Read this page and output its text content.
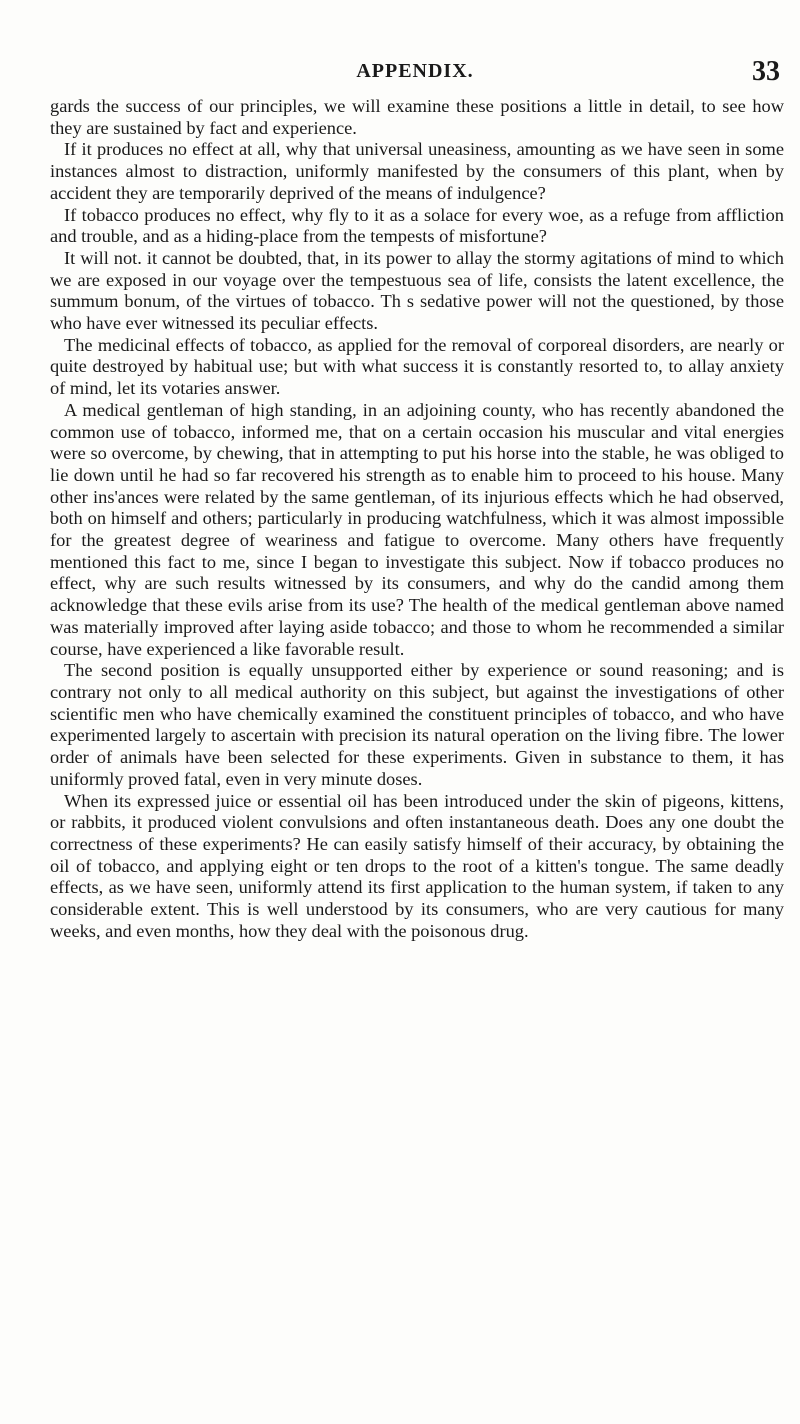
APPENDIX.	33

gards the success of our principles, we will examine these positions a little in detail, to see how they are sustained by fact and experience.

If it produces no effect at all, why that universal uneasiness, amounting as we have seen in some instances almost to distraction, uniformly manifested by the consumers of this plant, when by accident they are temporarily deprived of the means of indulgence?

If tobacco produces no effect, why fly to it as a solace for every woe, as a refuge from affliction and trouble, and as a hiding-place from the tempests of misfortune?

It will not. it cannot be doubted, that, in its power to allay the stormy agitations of mind to which we are exposed in our voyage over the tempestuous sea of life, consists the latent excellence, the summum bonum, of the virtues of tobacco. Th s sedative power will not the questioned, by those who have ever witnessed its peculiar effects.

The medicinal effects of tobacco, as applied for the removal of corporeal disorders, are nearly or quite destroyed by habitual use; but with what success it is constantly resorted to, to allay anxiety of mind, let its votaries answer.

A medical gentleman of high standing, in an adjoining county, who has recently abandoned the common use of tobacco, informed me, that on a certain occasion his muscular and vital energies were so overcome, by chewing, that in attempting to put his horse into the stable, he was obliged to lie down until he had so far recovered his strength as to enable him to proceed to his house. Many other ins'ances were related by the same gentleman, of its injurious effects which he had observed, both on himself and others; particularly in producing watchfulness, which it was almost impossible for the greatest degree of weariness and fatigue to overcome. Many others have frequently mentioned this fact to me, since I began to investigate this subject. Now if tobacco produces no effect, why are such results witnessed by its consumers, and why do the candid among them acknowledge that these evils arise from its use? The health of the medical gentleman above named was materially improved after laying aside tobacco; and those to whom he recommended a similar course, have experienced a like favorable result.

The second position is equally unsupported either by experience or sound reasoning; and is contrary not only to all medical authority on this subject, but against the investigations of other scientific men who have chemically examined the constituent principles of tobacco, and who have experimented largely to ascertain with precision its natural operation on the living fibre. The lower order of animals have been selected for these experiments. Given in substance to them, it has uniformly proved fatal, even in very minute doses.

When its expressed juice or essential oil has been introduced under the skin of pigeons, kittens, or rabbits, it produced violent convulsions and often instantaneous death. Does any one doubt the correctness of these experiments? He can easily satisfy himself of their accuracy, by obtaining the oil of tobacco, and applying eight or ten drops to the root of a kitten's tongue. The same deadly effects, as we have seen, uniformly attend its first application to the human system, if taken to any considerable extent. This is well understood by its consumers, who are very cautious for many weeks, and even months, how they deal with the poisonous drug.
